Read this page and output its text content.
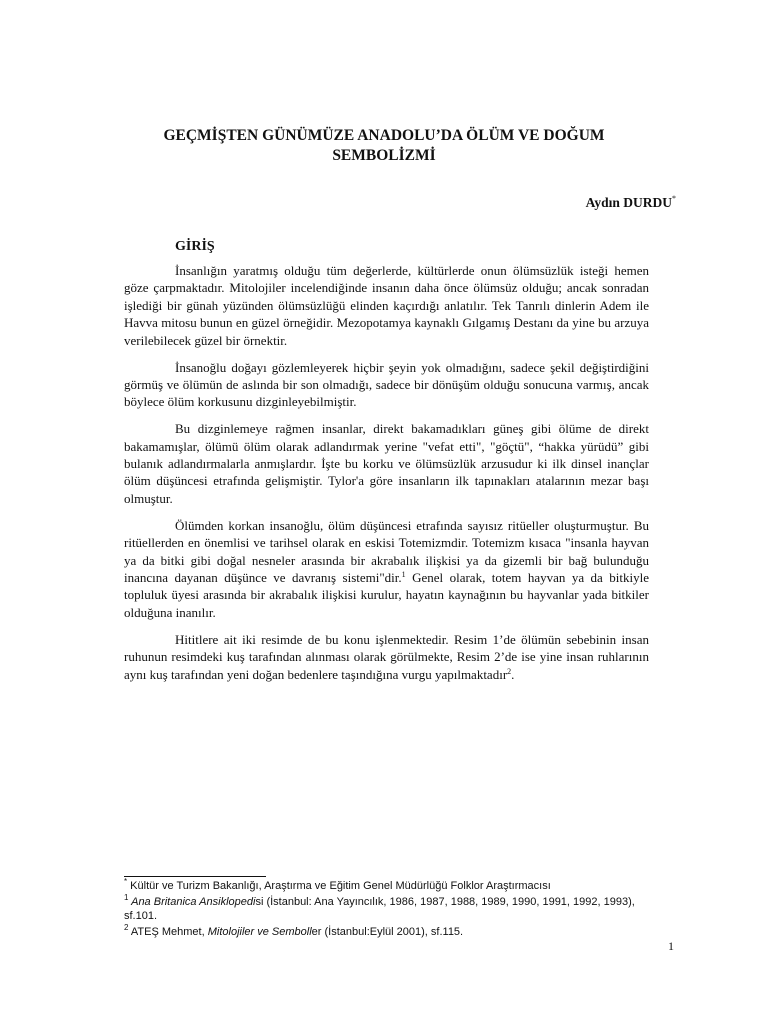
GEÇMİŞTEN GÜNÜMÜZE ANADOLU’DA ÖLÜM VE DOĞUM
SEMBOLİZMİ

Aydın DURDU*

GİRİŞ

İnsanlığın yaratmış olduğu tüm değerlerde, kültürlerde onun ölümsüzlük isteği hemen göze çarpmaktadır. Mitolojiler incelendiğinde insanın daha önce ölümsüz olduğu; ancak sonradan işlediği bir günah yüzünden ölümsüzlüğü elinden kaçırdığı anlatılır. Tek Tanrılı dinlerin Adem ile Havva mitosu bunun en güzel örneğidir. Mezopotamya kaynaklı Gılgamış Destanı da yine bu arzuya verilebilecek güzel bir örnektir.

İnsanoğlu doğayı gözlemleyerek hiçbir şeyin yok olmadığını, sadece şekil değiştirdiğini görmüş ve ölümün de aslında bir son olmadığı, sadece bir dönüşüm olduğu sonucuna varmış, ancak böylece ölüm korkusunu dizginleyebilmiştir.

Bu dizginlemeye rağmen insanlar, direkt bakamadıkları güneş gibi ölüme de direkt bakamamışlar, ölümü ölüm olarak adlandırmak yerine "vefat etti", "göçtü", “hakka yürüdü” gibi bulanık adlandırmalarla anmışlardır. İşte bu korku ve ölümsüzlük arzusudur ki ilk dinsel inançlar ölüm düşüncesi etrafında gelişmiştir. Tylor'a göre insanların ilk tapınakları atalarının mezar başı olmuştur.

Ölümden korkan insanoğlu, ölüm düşüncesi etrafında sayısız ritüeller oluşturmuştur. Bu ritüellerden en önemlisi ve tarihsel olarak en eskisi Totemizmdir. Totemizm kısaca "insanla hayvan ya da bitki gibi doğal nesneler arasında bir akrabalık ilişkisi ya da gizemli bir bağ bulunduğu inancına dayanan düşünce ve davranış sistemi"dir.$^1$ Genel olarak, totem hayvan ya da bitkiyle topluluk üyesi arasında bir akrabalık ilişkisi kurulur, hayatın kaynağının bu hayvanlar yada bitkiler olduğuna inanılır.

Hititlere ait iki resimde de bu konu işlenmektedir. Resim 1’de ölümün sebebinin insan ruhunun resimdeki kuş tarafından alınması olarak görülmekte, Resim 2’de ise yine insan ruhlarının aynı kuş tarafından yeni doğan bedenlere taşındığına vurgu yapılmaktadır$^2$.

* Kültür ve Turizm Bakanlığı, Araştırma ve Eğitim Genel Müdürlüğü Folklor Araştırmacısı

$^1$ Ana Britanica Ansiklopedisi (İstanbul: Ana Yayıncılık, 1986, 1987, 1988, 1989, 1990, 1991, 1992, 1993), sf.101.

$^2$ ATEŞ Mehmet, Mitolojiler ve Semboller (İstanbul:Eylül 2001), sf.115.

1
